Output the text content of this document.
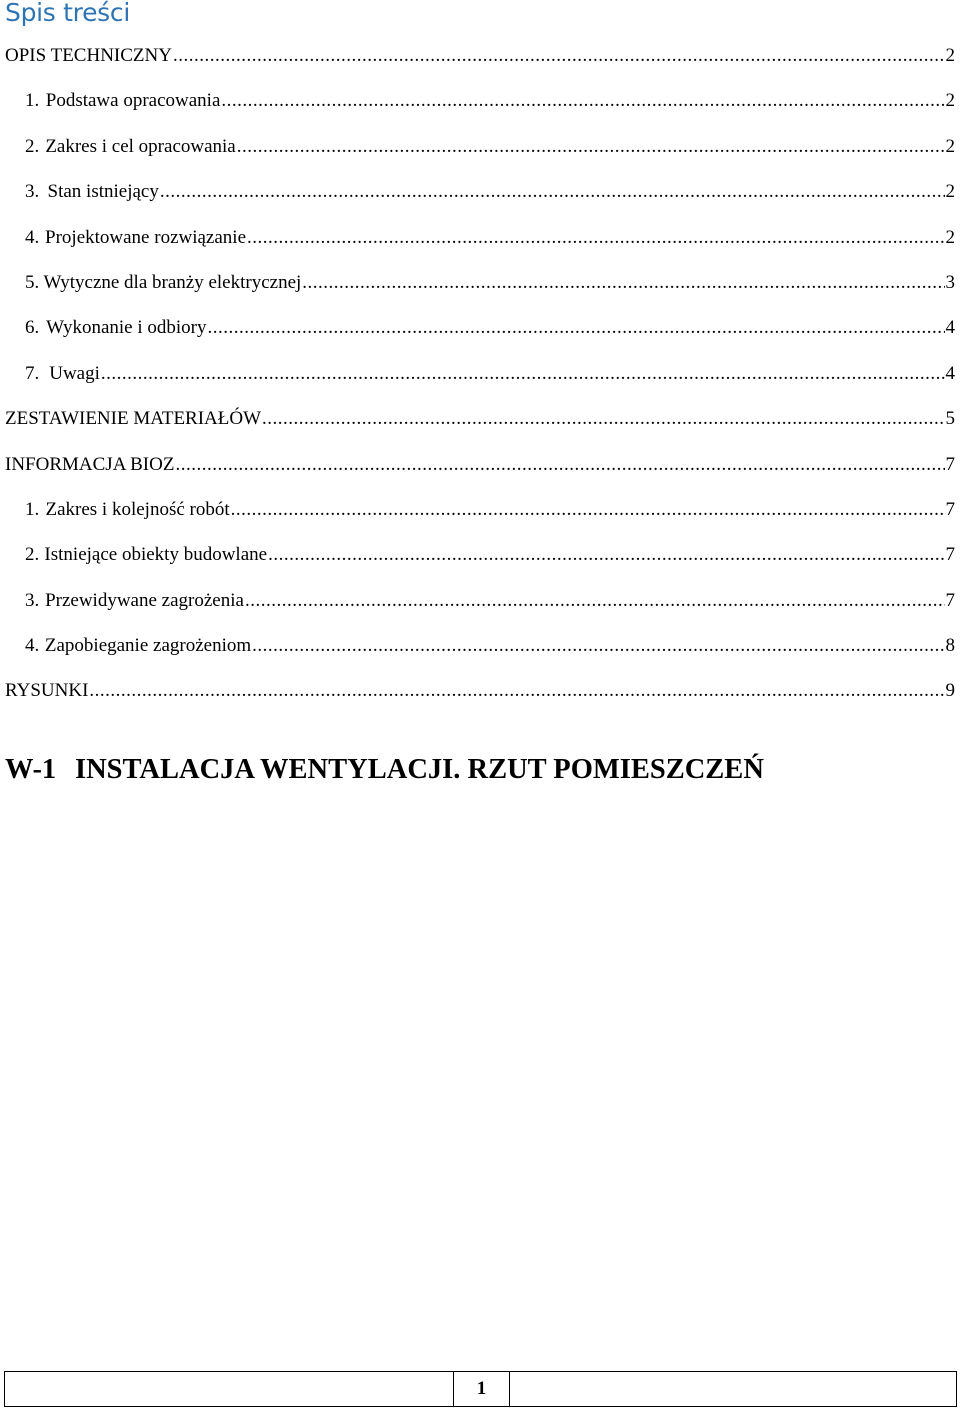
Spis treści
OPIS TECHNICZNY .....	2
1. Podstawa opracowania .....	2
2. Zakres i cel opracowania .....	2
3. Stan istniejący .....	2
4. Projektowane rozwiązanie .....	2
5. Wytyczne dla branży elektrycznej .....	3
6. Wykonanie i odbiory .....	4
7. Uwagi .....	4
ZESTAWIENIE MATERIAŁÓW .....	5
INFORMACJA BIOZ .....	7
1. Zakres i kolejność robót .....	7
2. Istniejące obiekty budowlane .....	7
3. Przewidywane zagrożenia .....	7
4. Zapobieganie zagrożeniom .....	8
RYSUNKI .....	9
W-1 INSTALACJA WENTYLACJI. RZUT POMIESZCZEŃ
1
